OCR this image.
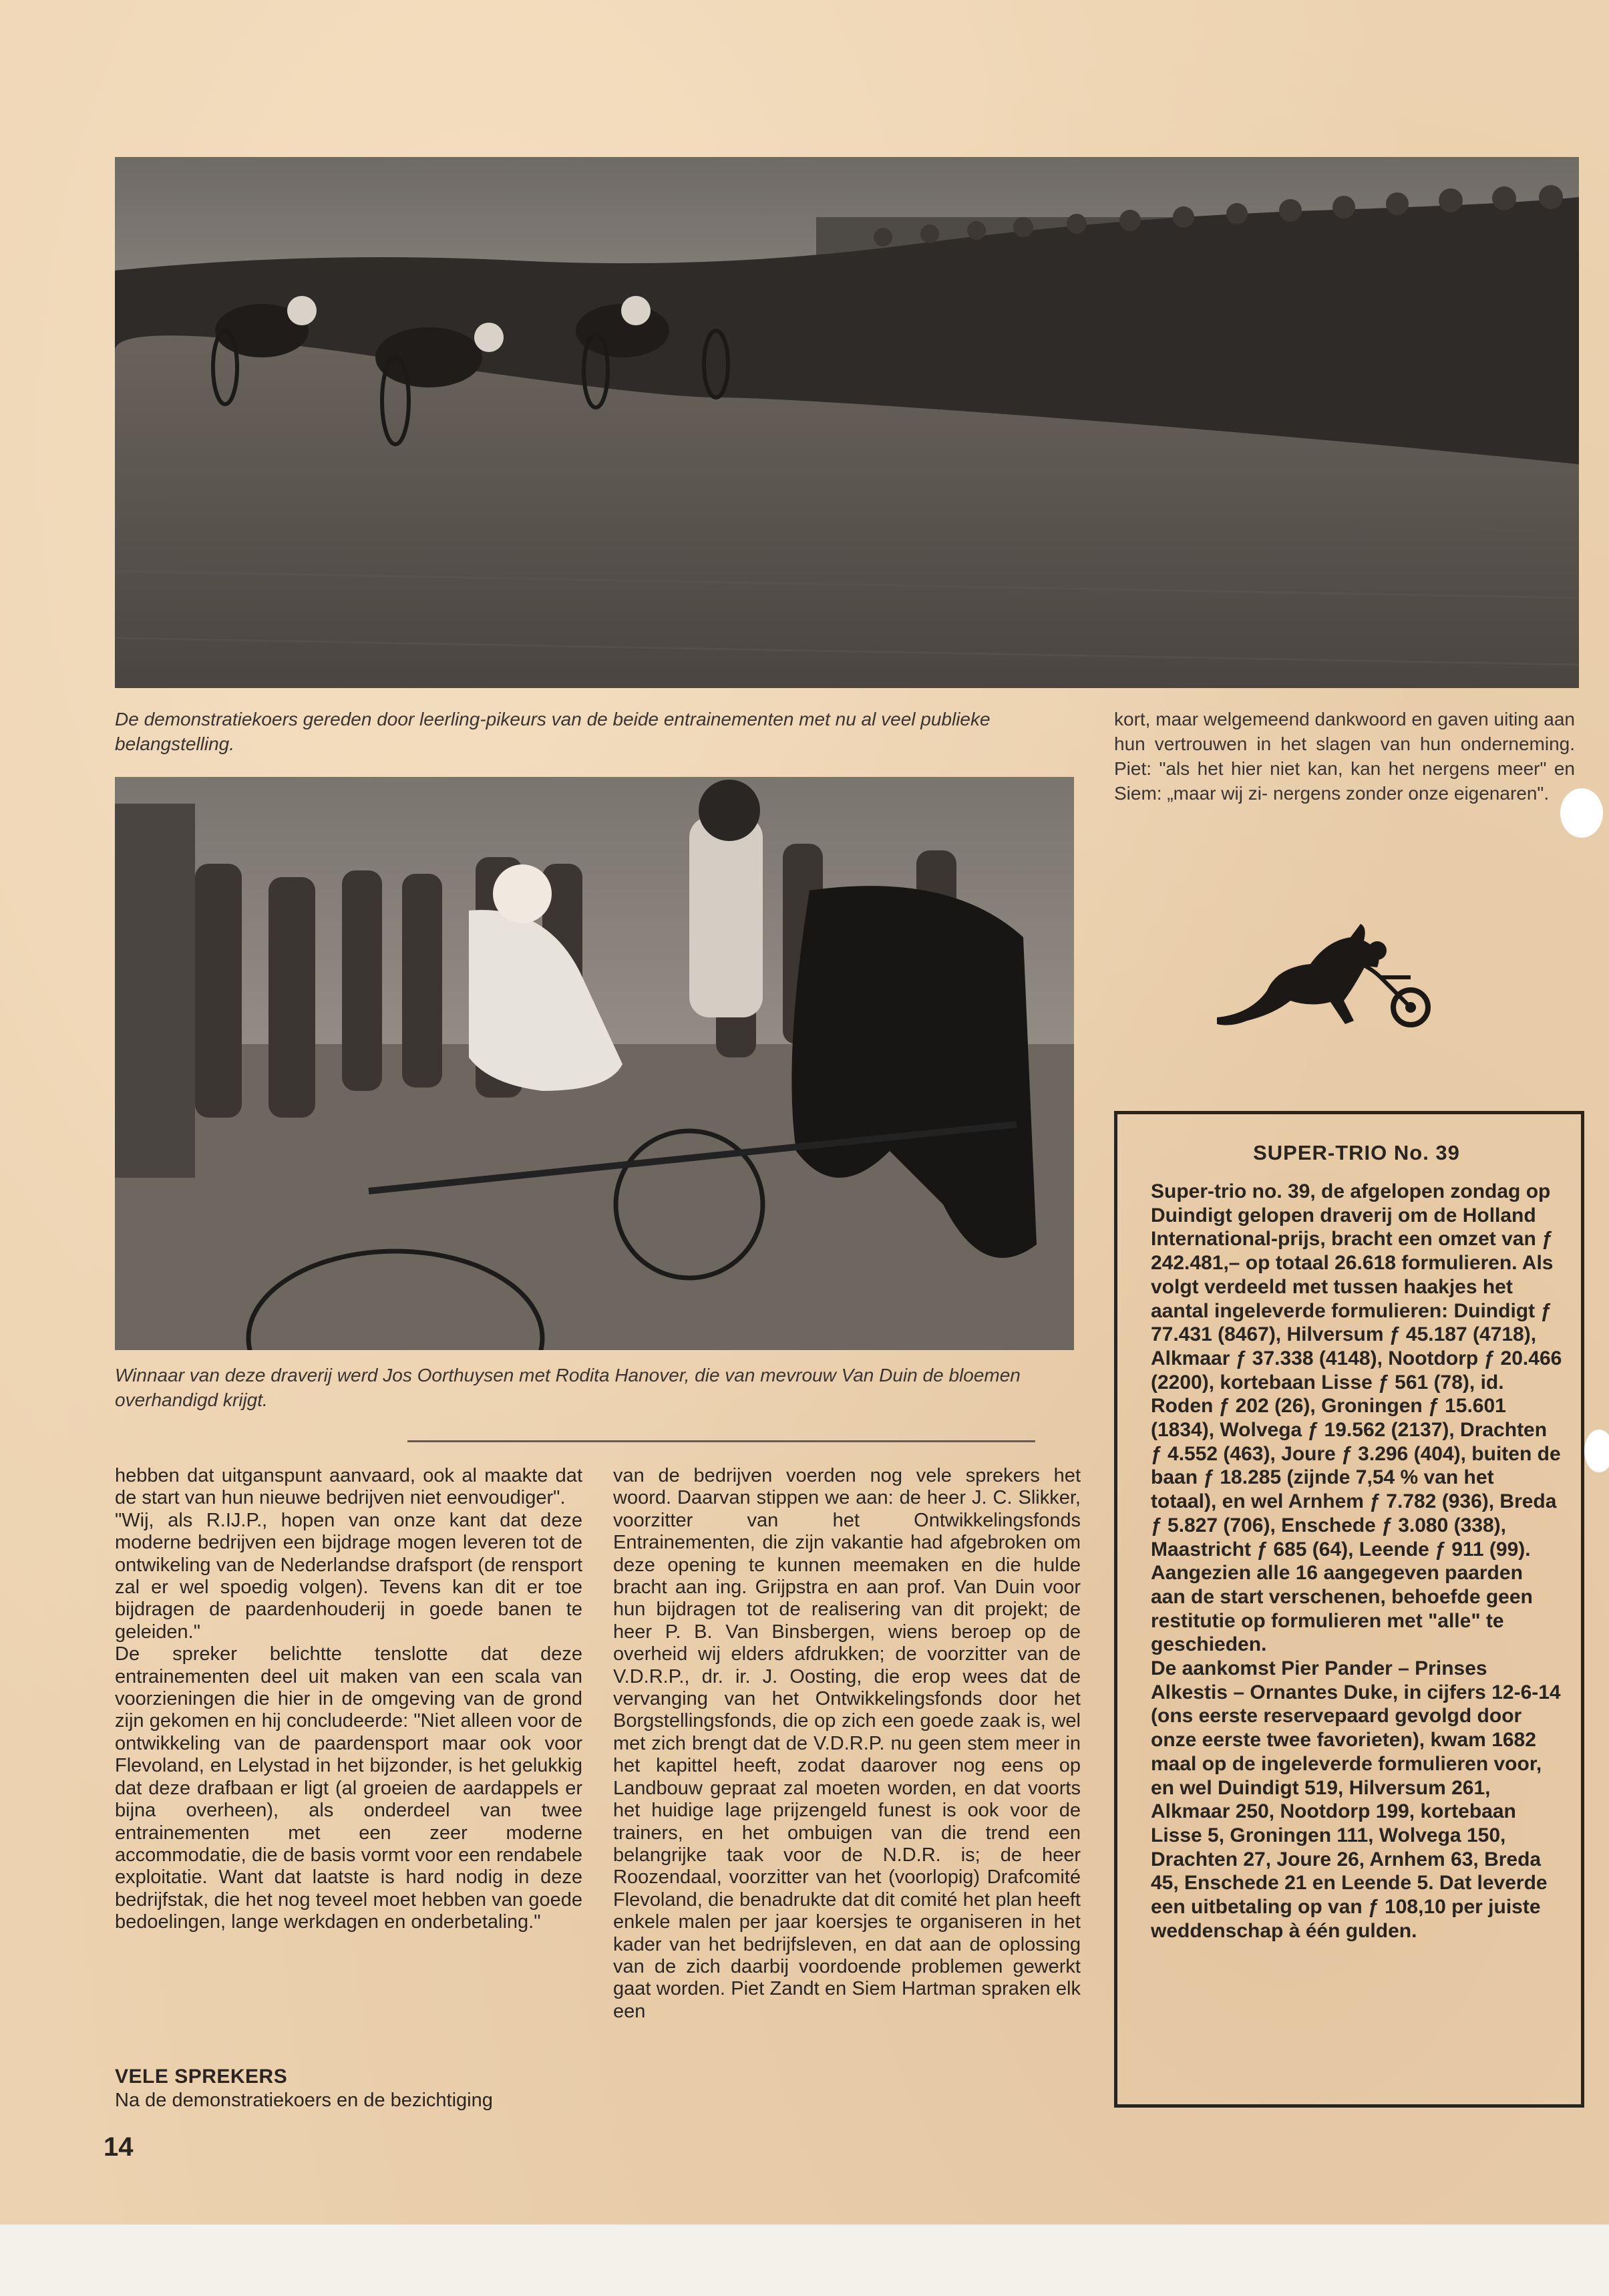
De demonstratiekoers gereden door leerling-pikeurs van de beide entrainementen met nu al veel publieke belangstelling.

kort, maar welgemeend dankwoord en gaven uiting aan hun vertrouwen in het slagen van hun onderneming. Piet: "als het hier niet kan, kan het nergens meer" en Siem: „maar wij zi‑ nergens zonder onze eigenaren".

Winnaar van deze draverij werd Jos Oorthuysen met Rodita Hanover, die van mevrouw Van Duin de bloemen overhandigd krijgt.

hebben dat uitganspunt aanvaard, ook al maakte dat de start van hun nieuwe bedrijven niet eenvoudiger".

"Wij, als R.IJ.P., hopen van onze kant dat deze moderne bedrijven een bijdrage mogen leveren tot de ontwikeling van de Nederlandse drafsport (de rensport zal er wel spoedig volgen). Tevens kan dit er toe bijdragen de paardenhouderij in goede banen te geleiden."

De spreker belichtte tenslotte dat deze entrainementen deel uit maken van een scala van voorzieningen die hier in de omgeving van de grond zijn gekomen en hij concludeerde: "Niet alleen voor de ontwikkeling van de paardensport maar ook voor Flevoland, en Lelystad in het bijzonder, is het gelukkig dat deze drafbaan er ligt (al groeien de aardappels er bijna overheen), als onderdeel van twee entrainementen met een zeer moderne accommodatie, die de basis vormt voor een rendabele exploitatie. Want dat laatste is hard nodig in deze bedrijfstak, die het nog teveel moet hebben van goede bedoelingen, lange werkdagen en onderbetaling."

VELE SPREKERS
Na de demonstratiekoers en de bezichtiging
van de bedrijven voerden nog vele sprekers het woord. Daarvan stippen we aan: de heer J. C. Slikker, voorzitter van het Ontwikkelingsfonds Entrainementen, die zijn vakantie had afgebroken om deze opening te kunnen meemaken en die hulde bracht aan ing. Grijpstra en aan prof. Van Duin voor hun bijdragen tot de realisering van dit projekt; de heer P. B. Van Binsbergen, wiens beroep op de overheid wij elders afdrukken; de voorzitter van de V.D.R.P., dr. ir. J. Oosting, die erop wees dat de vervanging van het Ontwikkelingsfonds door het Borgstellingsfonds, die op zich een goede zaak is, wel met zich brengt dat de V.D.R.P. nu geen stem meer in het kapittel heeft, zodat daarover nog eens op Landbouw gepraat zal moeten worden, en dat voorts het huidige lage prijzengeld funest is ook voor de trainers, en het ombuigen van die trend een belangrijke taak voor de N.D.R. is; de heer Roozendaal, voorzitter van het (voorlopig) Drafcomité Flevoland, die benadrukte dat dit comité het plan heeft enkele malen per jaar koersjes te organiseren in het kader van het bedrijfsleven, en dat aan de oplossing van de zich daarbij voordoende problemen gewerkt gaat worden. Piet Zandt en Siem Hartman spraken elk een
SUPER-TRIO No. 39

Super-trio no. 39, de afgelopen zondag op Duindigt gelopen draverij om de Holland International-prijs, bracht een omzet van ƒ 242.481,– op totaal 26.618 formulieren. Als volgt verdeeld met tussen haakjes het aantal ingeleverde formulieren: Duindigt ƒ 77.431 (8467), Hilversum ƒ 45.187 (4718), Alkmaar ƒ 37.338 (4148), Nootdorp ƒ 20.466 (2200), kortebaan Lisse ƒ 561 (78), id. Roden ƒ 202 (26), Groningen ƒ 15.601 (1834), Wolvega ƒ 19.562 (2137), Drachten ƒ 4.552 (463), Joure ƒ 3.296 (404), buiten de baan ƒ 18.285 (zijnde 7,54 % van het totaal), en wel Arnhem ƒ 7.782 (936), Breda ƒ 5.827 (706), Enschede ƒ 3.080 (338), Maastricht ƒ 685 (64), Leende ƒ 911 (99). Aangezien alle 16 aangegeven paarden aan de start verschenen, behoefde geen restitutie op formulieren met "alle" te geschieden.

De aankomst Pier Pander – Prinses Alkestis – Ornantes Duke, in cijfers 12-6-14 (ons eerste reservepaard gevolgd door onze eerste twee favorieten), kwam 1682 maal op de ingeleverde formulieren voor, en wel Duindigt 519, Hilversum 261, Alkmaar 250, Nootdorp 199, kortebaan Lisse 5, Groningen 111, Wolvega 150, Drachten 27, Joure 26, Arnhem 63, Breda 45, Enschede 21 en Leende 5. Dat leverde een uitbetaling op van ƒ 108,10 per juiste weddenschap à één gulden.

14
